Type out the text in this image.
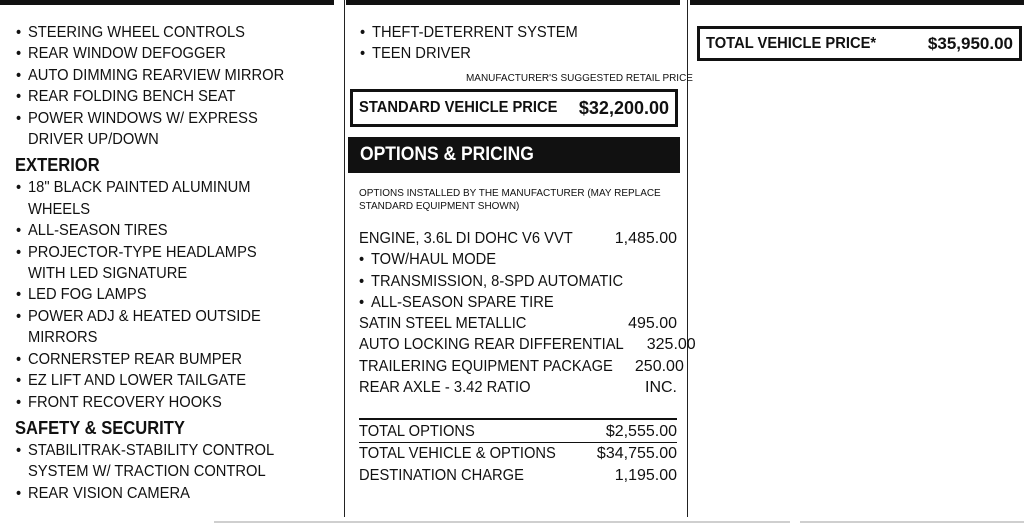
• STEERING WHEEL CONTROLS
• REAR WINDOW DEFOGGER
• AUTO DIMMING REARVIEW MIRROR
• REAR FOLDING BENCH SEAT
• POWER WINDOWS W/ EXPRESS
DRIVER UP/DOWN
EXTERIOR
• 18" BLACK PAINTED ALUMINUM
WHEELS
• ALL-SEASON TIRES
• PROJECTOR-TYPE HEADLAMPS
WITH LED SIGNATURE
• LED FOG LAMPS
• POWER ADJ & HEATED OUTSIDE
MIRRORS
• CORNERSTEP REAR BUMPER
• EZ LIFT AND LOWER TAILGATE
• FRONT RECOVERY HOOKS
SAFETY & SECURITY
• STABILITRAK-STABILITY CONTROL
SYSTEM W/ TRACTION CONTROL
• REAR VISION CAMERA
• THEFT-DETERRENT SYSTEM
• TEEN DRIVER
MANUFACTURER'S SUGGESTED RETAIL PRICE
STANDARD VEHICLE PRICE $32,200.00
OPTIONS & PRICING
OPTIONS INSTALLED BY THE MANUFACTURER (MAY REPLACE
STANDARD EQUIPMENT SHOWN)
ENGINE, 3.6L DI DOHC V6 VVT	1,485.00
• TOW/HAUL MODE
• TRANSMISSION, 8-SPD AUTOMATIC
• ALL-SEASON SPARE TIRE
SATIN STEEL METALLIC	495.00
AUTO LOCKING REAR DIFFERENTIAL 325.00
TRAILERING EQUIPMENT PACKAGE 250.00
REAR AXLE - 3.42 RATIO	INC.
TOTAL OPTIONS	$2,555.00
TOTAL VEHICLE & OPTIONS	$34,755.00
DESTINATION CHARGE	1,195.00
TOTAL VEHICLE PRICE*	$35,950.00
